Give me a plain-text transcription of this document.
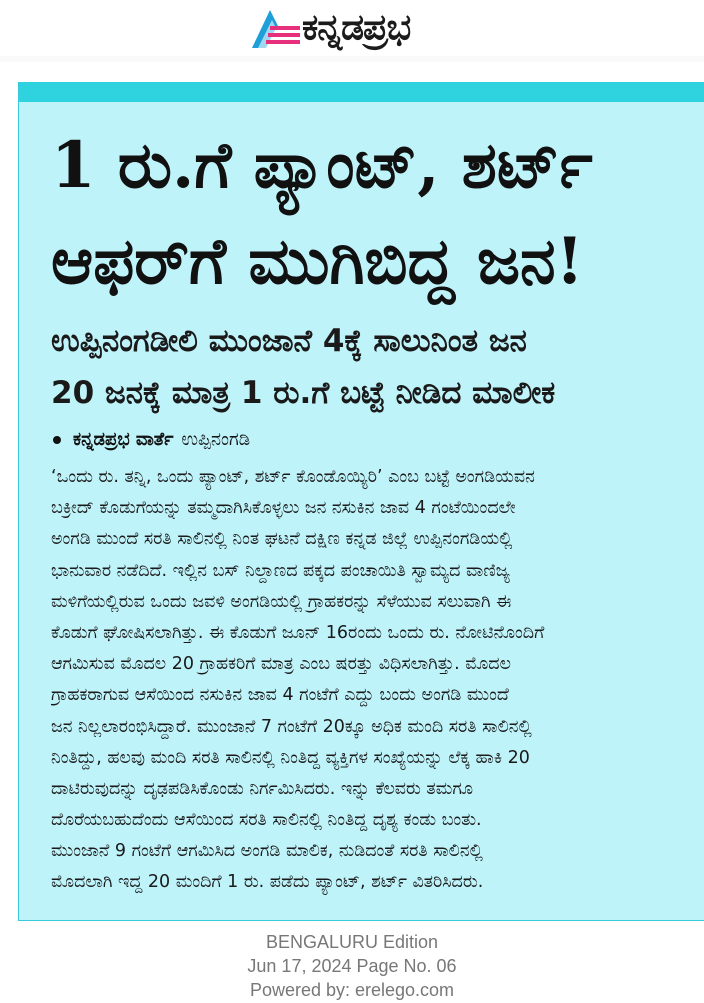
ಕನ್ನಡಪ್ರಭ
1 ರು.ಗೆ ಪ್ಯಾಂಟ್, ಶರ್ಟ್
ಆಫರ್‌ಗೆ ಮುಗಿಬಿದ್ದ ಜನ!
ಉಪ್ಪಿನಂಗಡೀಲಿ ಮುಂಜಾನೆ 4ಕ್ಕೆ ಸಾಲುನಿಂತ ಜನ
20 ಜನಕ್ಕೆ ಮಾತ್ರ 1 ರು.ಗೆ ಬಟ್ಟೆ ನೀಡಿದ ಮಾಲೀಕ
ಕನ್ನಡಪ್ರಭ ವಾರ್ತೆ ಉಪ್ಪಿನಂಗಡಿ
‘ಒಂದು ರು. ತನ್ನಿ, ಒಂದು ಪ್ಯಾಂಟ್, ಶರ್ಟ್ ಕೊಂಡೊಯ್ಯಿರಿ’ ಎಂಬ ಬಟ್ಟೆ ಅಂಗಡಿಯವನ
ಬಕ್ರೀದ್ ಕೊಡುಗೆಯನ್ನು ತಮ್ಮದಾಗಿಸಿಕೊಳ್ಳಲು ಜನ ನಸುಕಿನ ಜಾವ 4 ಗಂಟೆಯಿಂದಲೇ
ಅಂಗಡಿ ಮುಂದೆ ಸರತಿ ಸಾಲಿನಲ್ಲಿ ನಿಂತ ಘಟನೆ ದಕ್ಷಿಣ ಕನ್ನಡ ಜಿಲ್ಲೆ ಉಪ್ಪಿನಂಗಡಿಯಲ್ಲಿ
ಭಾನುವಾರ ನಡೆದಿದೆ. ಇಲ್ಲಿನ ಬಸ್ ನಿಲ್ದಾಣದ ಪಕ್ಕದ ಪಂಚಾಯಿತಿ ಸ್ವಾಮ್ಯದ ವಾಣಿಜ್ಯ
ಮಳಿಗೆಯಲ್ಲಿರುವ ಒಂದು ಜವಳಿ ಅಂಗಡಿಯಲ್ಲಿ ಗ್ರಾಹಕರನ್ನು ಸೆಳೆಯುವ ಸಲುವಾಗಿ ಈ
ಕೊಡುಗೆ ಘೋಷಿಸಲಾಗಿತ್ತು. ಈ ಕೊಡುಗೆ ಜೂನ್ 16ರಂದು ಒಂದು ರು. ನೋಟಿನೊಂದಿಗೆ
ಆಗಮಿಸುವ ಮೊದಲ 20 ಗ್ರಾಹಕರಿಗೆ ಮಾತ್ರ ಎಂಬ ಷರತ್ತು ವಿಧಿಸಲಾಗಿತ್ತು. ಮೊದಲ
ಗ್ರಾಹಕರಾಗುವ ಆಸೆಯಿಂದ ನಸುಕಿನ ಜಾವ 4 ಗಂಟೆಗೆ ಎದ್ದು ಬಂದು ಅಂಗಡಿ ಮುಂದೆ
ಜನ ನಿಲ್ಲಲಾರಂಭಿಸಿದ್ದಾರೆ. ಮುಂಜಾನೆ 7 ಗಂಟೆಗೆ 20ಕ್ಕೂ ಅಧಿಕ ಮಂದಿ ಸರತಿ ಸಾಲಿನಲ್ಲಿ
ನಿಂತಿದ್ದು, ಹಲವು ಮಂದಿ ಸರತಿ ಸಾಲಿನಲ್ಲಿ ನಿಂತಿದ್ದ ವ್ಯಕ್ತಿಗಳ ಸಂಖ್ಯೆಯನ್ನು ಲೆಕ್ಕ ಹಾಕಿ 20
ದಾಟಿರುವುದನ್ನು ದೃಢಪಡಿಸಿಕೊಂಡು ನಿರ್ಗಮಿಸಿದರು. ಇನ್ನು ಕೆಲವರು ತಮಗೂ
ದೊರೆಯಬಹುದೆಂದು ಆಸೆಯಿಂದ ಸರತಿ ಸಾಲಿನಲ್ಲಿ ನಿಂತಿದ್ದ ದೃಶ್ಯ ಕಂಡು ಬಂತು.
ಮುಂಜಾನೆ 9 ಗಂಟೆಗೆ ಆಗಮಿಸಿದ ಅಂಗಡಿ ಮಾಲಿಕ, ನುಡಿದಂತೆ ಸರತಿ ಸಾಲಿನಲ್ಲಿ
ಮೊದಲಾಗಿ ಇದ್ದ 20 ಮಂದಿಗೆ 1 ರು. ಪಡೆದು ಪ್ಯಾಂಟ್, ಶರ್ಟ್ ವಿತರಿಸಿದರು.
BENGALURU Edition
Jun 17, 2024 Page No. 06
Powered by: erelego.com
